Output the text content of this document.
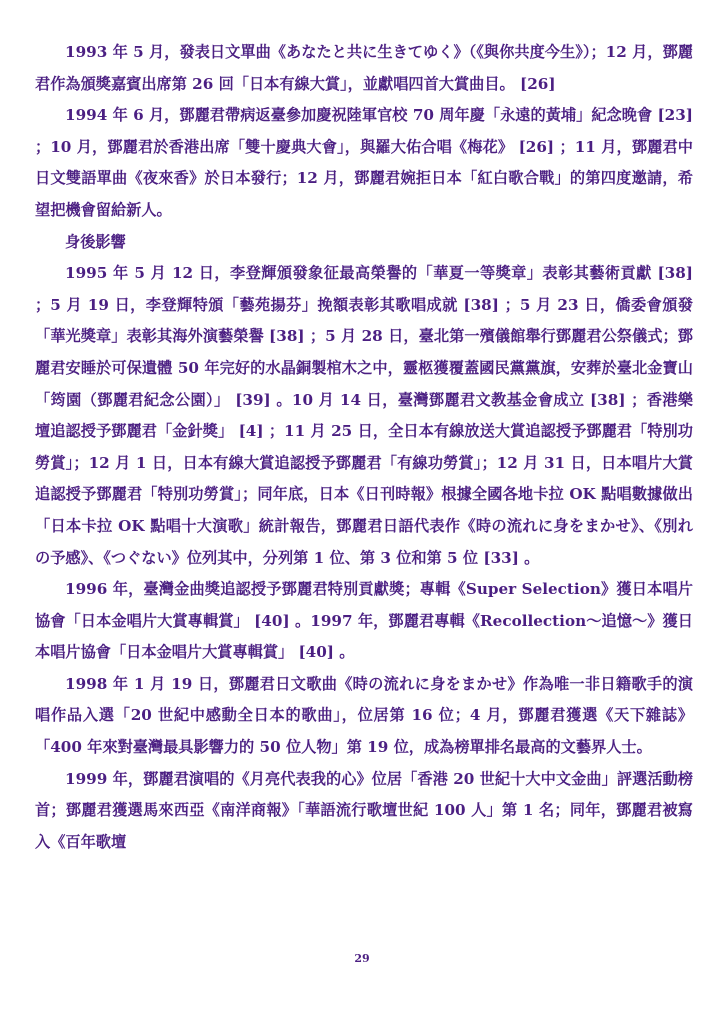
1993 年 5 月，發表日文單曲《あなたと共に生きてゆく》（《與你共度今生》）；12 月，鄧麗君作為頒獎嘉賓出席第 26 回「日本有線大賞」，並獻唱四首大賞曲目。 [26]

1994 年 6 月，鄧麗君帶病返臺參加慶祝陸軍官校 70 周年慶「永遠的黃埔」紀念晚會 [23] ；10 月，鄧麗君於香港出席「雙十慶典大會」，與羅大佑合唱《梅花》 [26] ；11 月，鄧麗君中日文雙語單曲《夜來香》於日本發行；12 月，鄧麗君婉拒日本「紅白歌合戰」的第四度邀請，希望把機會留給新人。

身後影響

1995 年 5 月 12 日，李登輝頒發象征最高榮譽的「華夏一等獎章」表彰其藝術貢獻 [38] ；5 月 19 日，李登輝特頒「藝苑揚芬」挽額表彰其歌唱成就 [38] ；5 月 23 日，僑委會頒發「華光獎章」表彰其海外演藝榮譽 [38] ；5 月 28 日，臺北第一殯儀館舉行鄧麗君公祭儀式；鄧麗君安睡於可保遺體 50 年完好的水晶銅製棺木之中，靈柩獲覆蓋國民黨黨旗，安葬於臺北金寶山「筠園（鄧麗君紀念公園）」 [39] 。10 月 14 日，臺灣鄧麗君文教基金會成立 [38] ；香港樂壇追認授予鄧麗君「金針獎」 [4] ；11 月 25 日，全日本有線放送大賞追認授予鄧麗君「特別功勞賞」；12 月 1 日，日本有線大賞追認授予鄧麗君「有線功勞賞」；12 月 31 日，日本唱片大賞追認授予鄧麗君「特別功勞賞」；同年底，日本《日刊時報》根據全國各地卡拉 OK 點唱數據做出「日本卡拉 OK 點唱十大演歌」統計報告，鄧麗君日語代表作《時の流れに身をまかせ》、《別れの予感》、《つぐない》位列其中，分列第 1 位、第 3 位和第 5 位 [33] 。

1996 年，臺灣金曲獎追認授予鄧麗君特別貢獻獎；專輯《Super Selection》獲日本唱片協會「日本金唱片大賞專輯賞」 [40] 。1997 年，鄧麗君專輯《Recollection～追憶～》獲日本唱片協會「日本金唱片大賞專輯賞」 [40] 。

1998 年 1 月 19 日，鄧麗君日文歌曲《時の流れに身をまかせ》作為唯一非日籍歌手的演唱作品入選「20 世紀中感動全日本的歌曲」，位居第 16 位；4 月，鄧麗君獲選《天下雜誌》「400 年來對臺灣最具影響力的 50 位人物」第 19 位，成為榜單排名最高的文藝界人士。

1999 年，鄧麗君演唱的《月亮代表我的心》位居「香港 20 世紀十大中文金曲」評選活動榜首；鄧麗君獲選馬來西亞《南洋商報》「華語流行歌壇世紀 100 人」第 1 名；同年，鄧麗君被寫入《百年歌壇

29
